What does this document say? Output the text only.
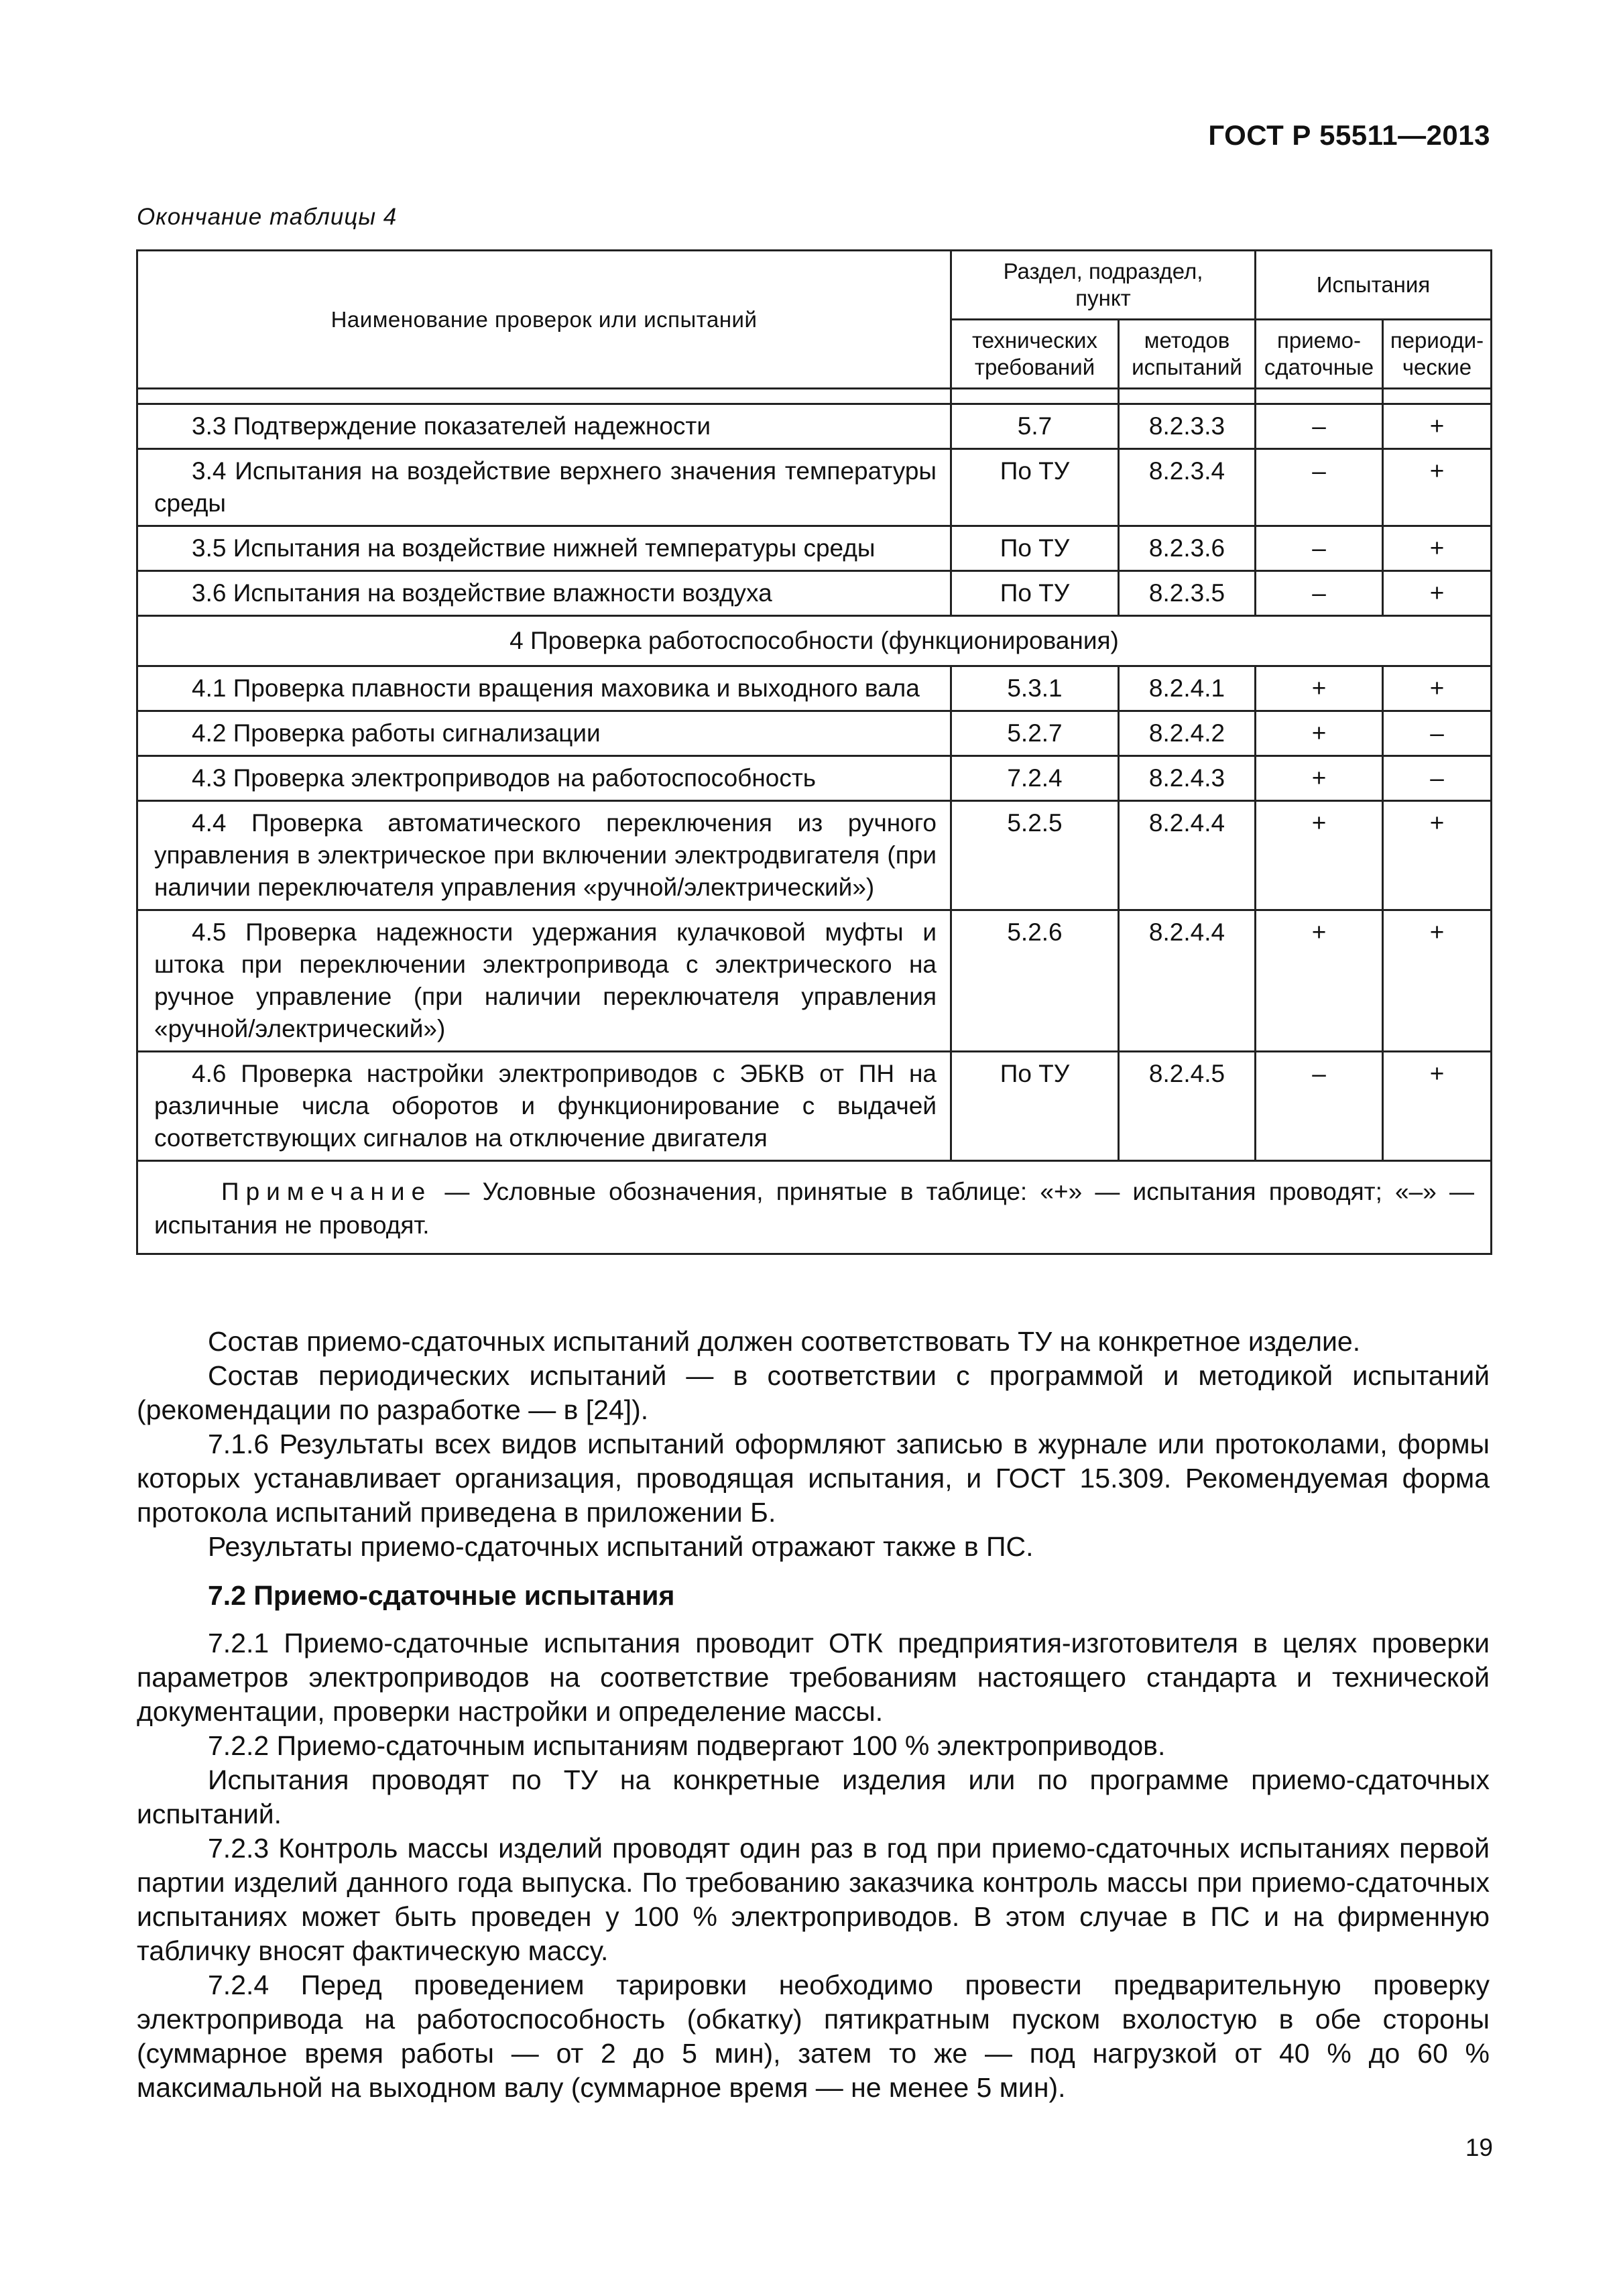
ГОСТ Р 55511—2013
Окончание таблицы 4
Наименование проверок или испытаний	Раздел, подраздел, пункт		Испытания	
	технических требований	методов испытаний	приемо-сдаточные	периоди-ческие

3.3 Подтверждение показателей надежности	5.7	8.2.3.3	–	+
3.4 Испытания на воздействие верхнего значения температуры среды	По ТУ	8.2.3.4	–	+
3.5 Испытания на воздействие нижней температуры среды	По ТУ	8.2.3.6	–	+
3.6 Испытания на воздействие влажности воздуха	По ТУ	8.2.3.5	–	+
4 Проверка работоспособности (функционирования)				
4.1 Проверка плавности вращения маховика и выходного вала	5.3.1	8.2.4.1	+	+
4.2 Проверка работы сигнализации	5.2.7	8.2.4.2	+	–
4.3 Проверка электроприводов на работоспособность	7.2.4	8.2.4.3	+	–
4.4 Проверка автоматического переключения из ручного управления в электрическое при включении электродвигателя (при наличии переключателя управления «ручной/электрический»)	5.2.5	8.2.4.4	+	+
4.5 Проверка надежности удержания кулачковой муфты и штока при переключении электропривода с электрического на ручное управление (при наличии переключателя управления «ручной/электрический»)	5.2.6	8.2.4.4	+	+
4.6 Проверка настройки электроприводов с ЭБКВ от ПН на различные числа оборотов и функционирование с выдачей соответствующих сигналов на отключение двигателя	По ТУ	8.2.4.5	–	+
Примечание — Условные обозначения, принятые в таблице: «+» — испытания проводят; «–» — испытания не проводят.				

Состав приемо-сдаточных испытаний должен соответствовать ТУ на конкретное изделие.

Состав периодических испытаний — в соответствии с программой и методикой испытаний (рекомендации по разработке — в [24]).

7.1.6 Результаты всех видов испытаний оформляют записью в журнале или протоколами, формы которых устанавливает организация, проводящая испытания, и ГОСТ 15.309. Рекомендуемая форма протокола испытаний приведена в приложении Б.

Результаты приемо-сдаточных испытаний отражают также в ПС.

7.2 Приемо-сдаточные испытания

7.2.1 Приемо-сдаточные испытания проводит ОТК предприятия-изготовителя в целях проверки параметров электроприводов на соответствие требованиям настоящего стандарта и технической документации, проверки настройки и определение массы.

7.2.2 Приемо-сдаточным испытаниям подвергают 100 % электроприводов.

Испытания проводят по ТУ на конкретные изделия или по программе приемо-сдаточных испытаний.

7.2.3 Контроль массы изделий проводят один раз в год при приемо-сдаточных испытаниях первой партии изделий данного года выпуска. По требованию заказчика контроль массы при приемо-сдаточных испытаниях может быть проведен у 100 % электроприводов. В этом случае в ПС и на фирменную табличку вносят фактическую массу.

7.2.4 Перед проведением тарировки необходимо провести предварительную проверку электропривода на работоспособность (обкатку) пятикратным пуском вхолостую в обе стороны (суммарное время работы — от 2 до 5 мин), затем то же — под нагрузкой от 40 % до 60 % максимальной на выходном валу (суммарное время — не менее 5 мин).

19
